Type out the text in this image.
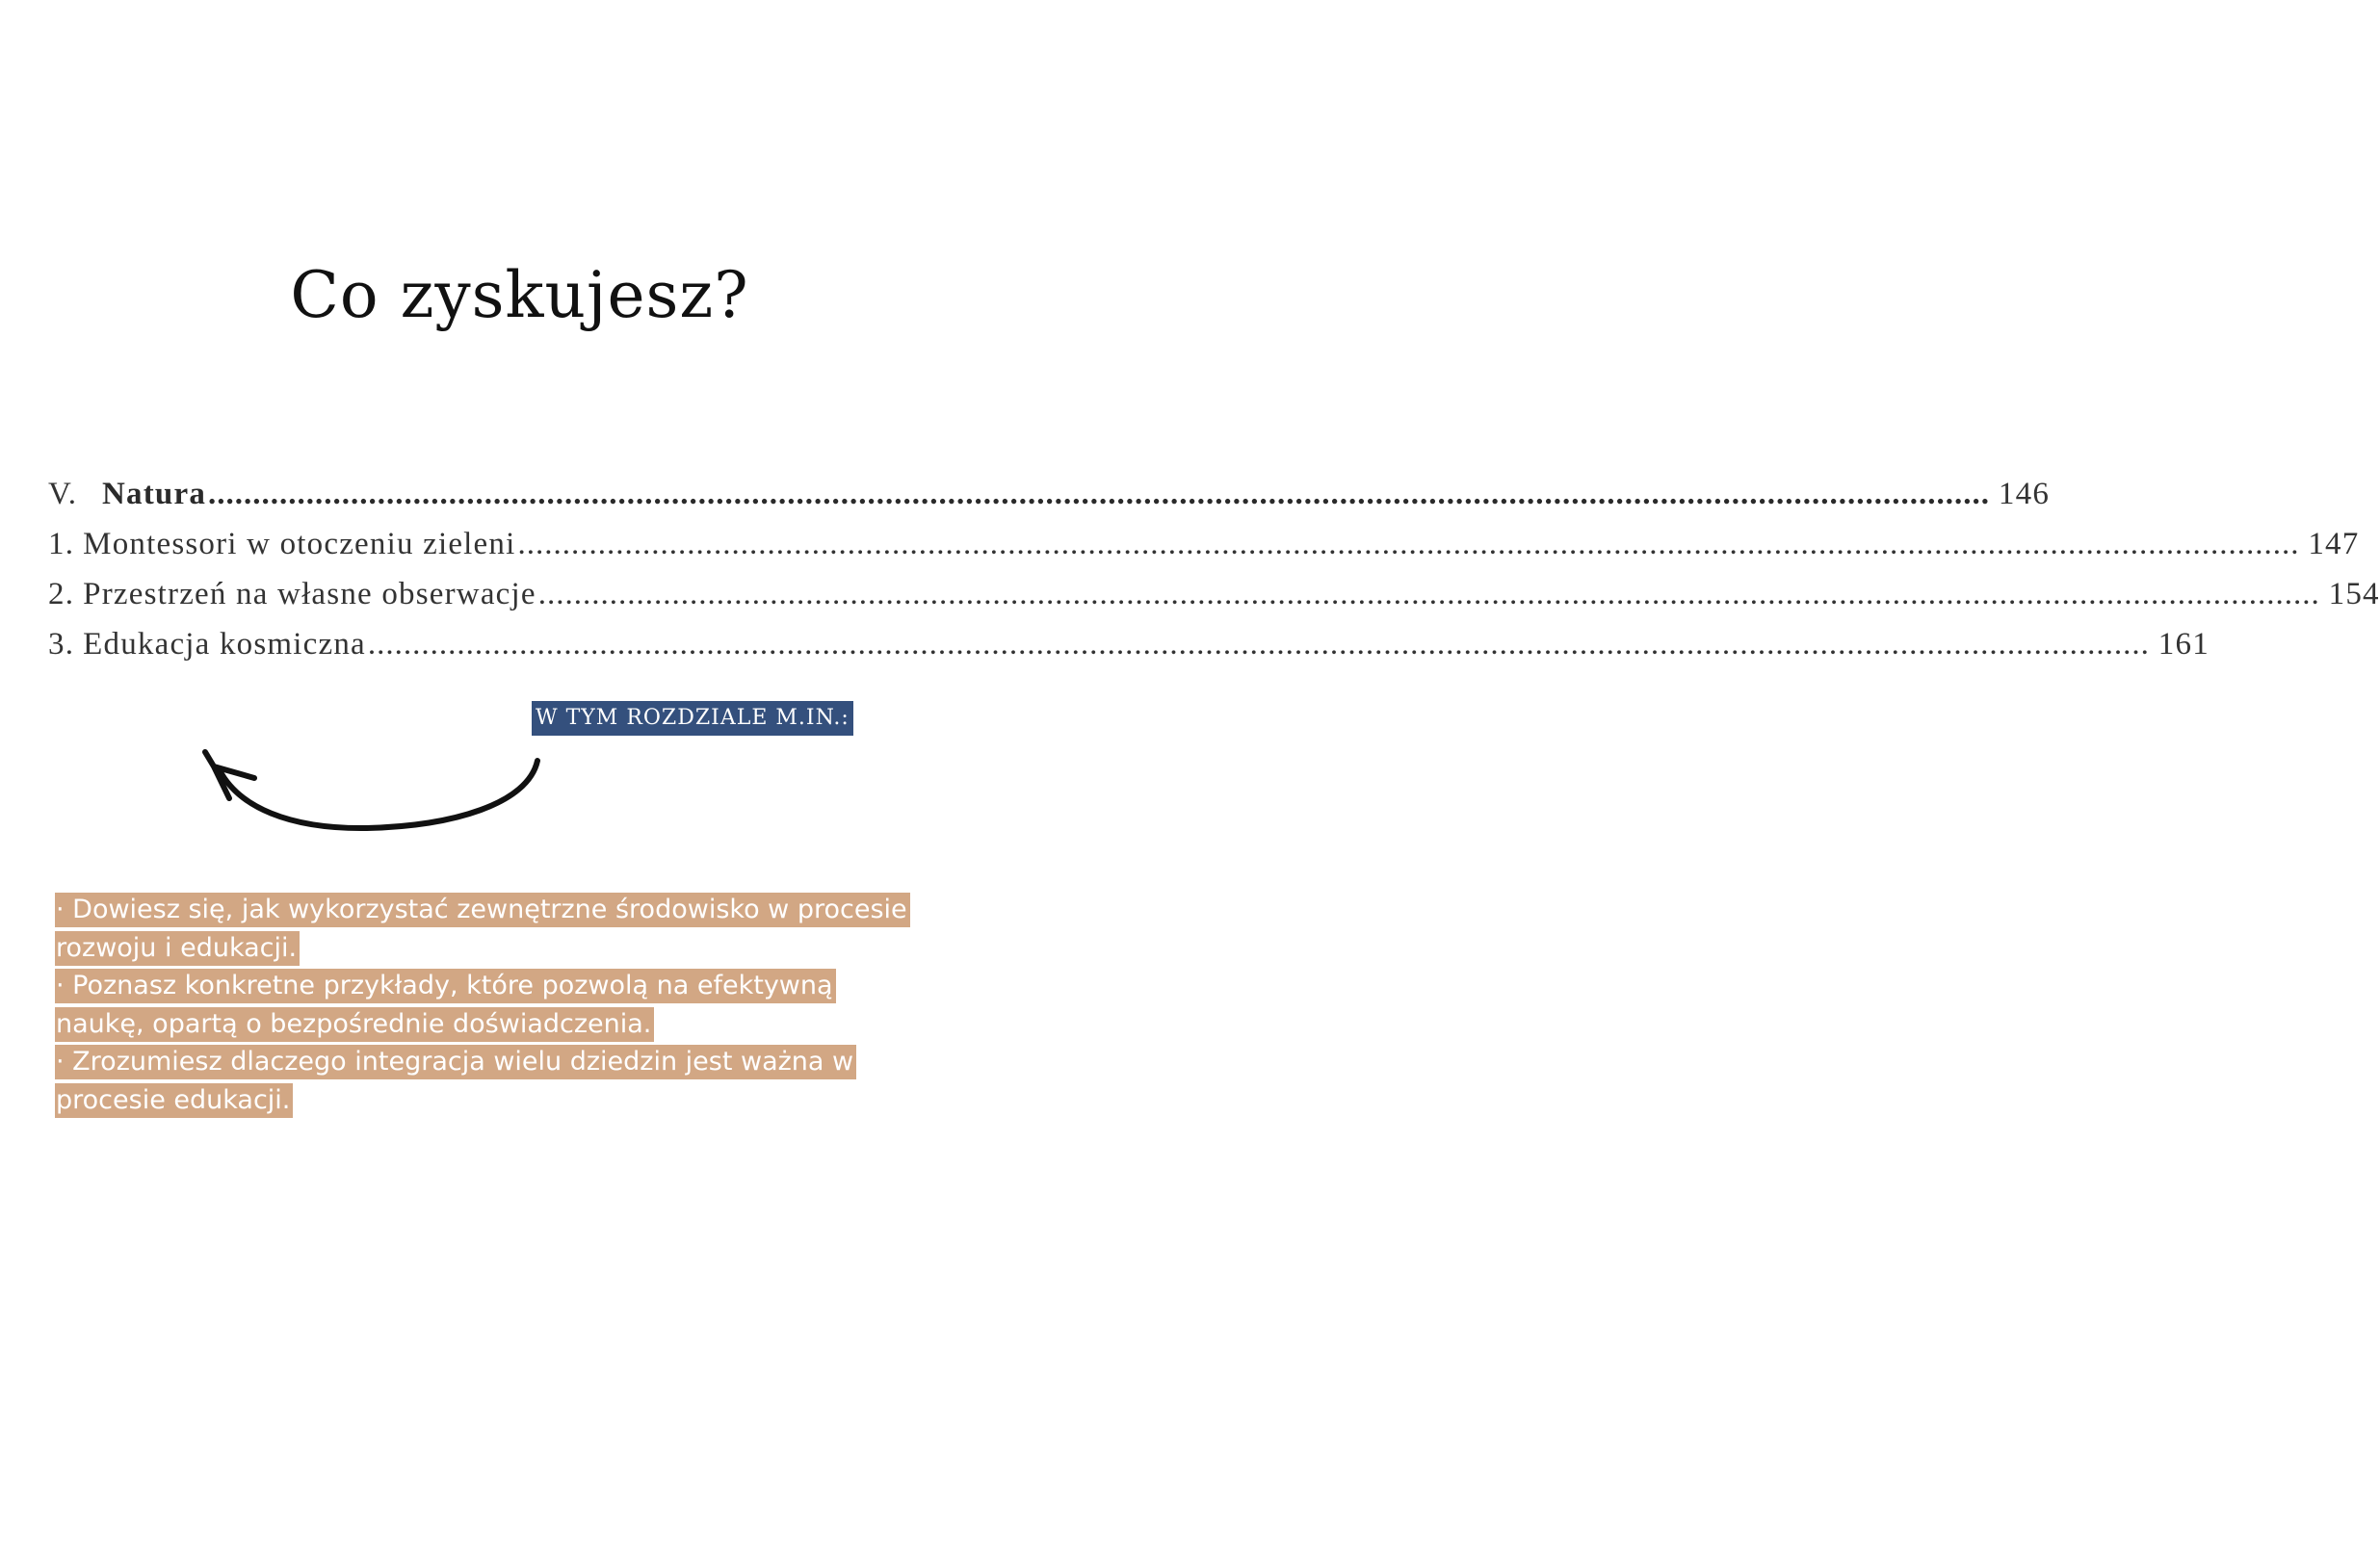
Co zyskujesz?
V. Natura ........................................................................................................................................................................................................ 146
1. Montessori w otoczeniu zieleni ........................................................................................................................................................................................................ 147
2. Przestrzeń na własne obserwacje ........................................................................................................................................................................................................ 154
3. Edukacja kosmiczna ........................................................................................................................................................................................................ 161
W TYM ROZDZIALE M.IN.:

· Dowiesz się, jak wykorzystać zewnętrzne środowisko w procesie rozwoju i edukacji.
· Poznasz konkretne przykłady, które pozwolą na efektywną naukę, opartą o bezpośrednie doświadczenia.
· Zrozumiesz dlaczego integracja wielu dziedzin jest ważna w procesie edukacji.
